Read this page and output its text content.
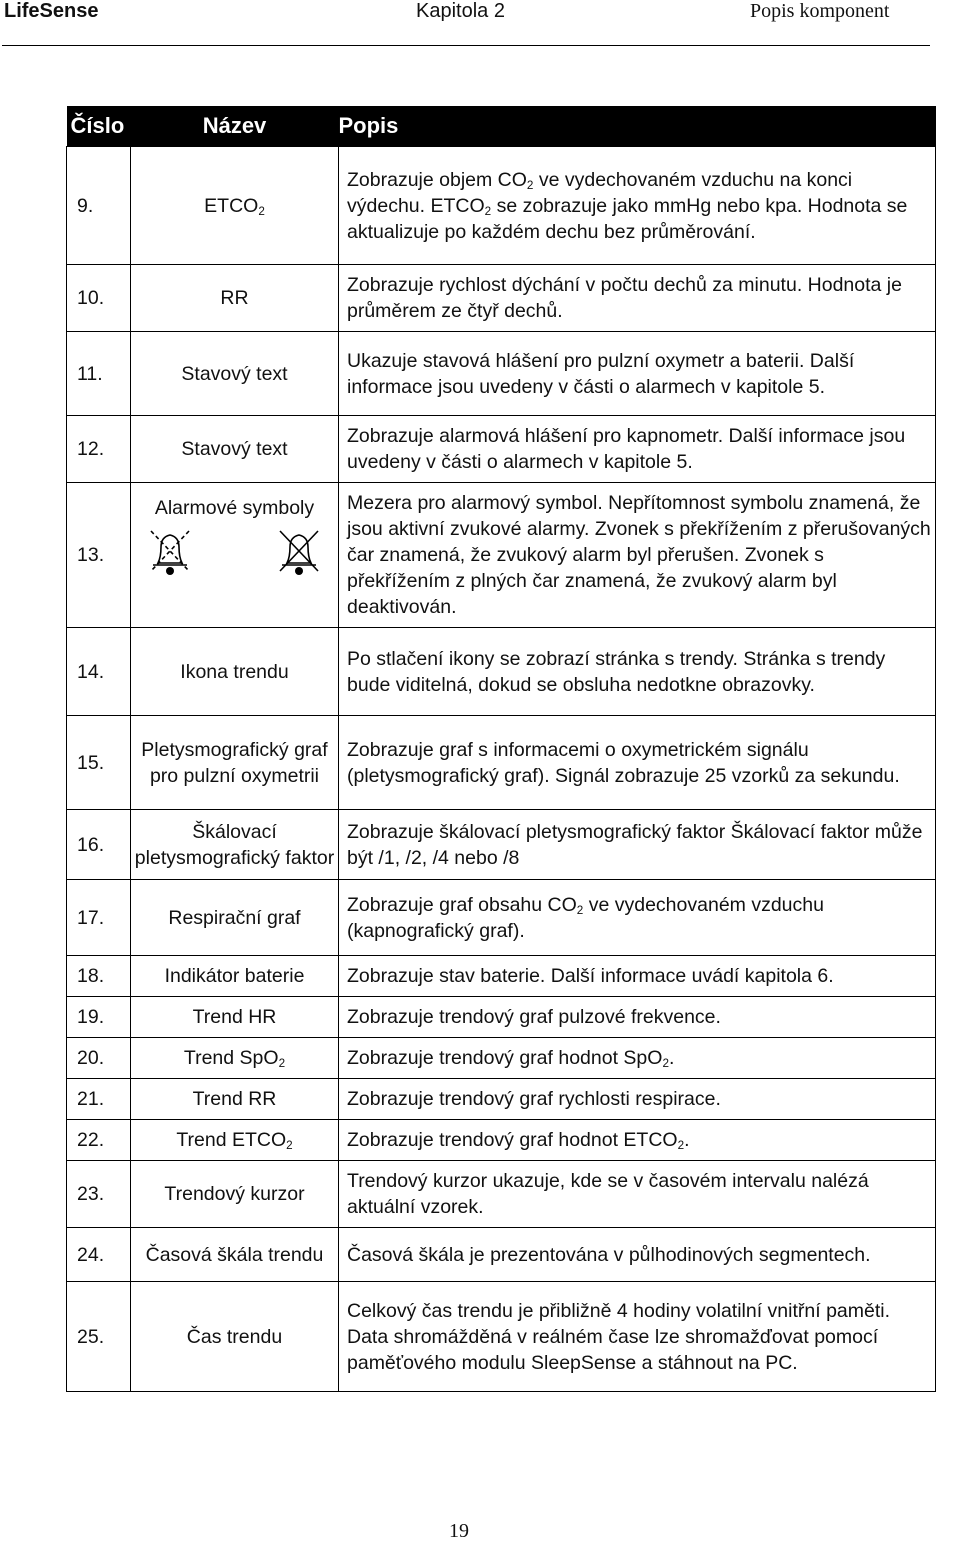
LifeSense	Kapitola 2	Popis komponent
Číslo	Název	Popis
9.	$ETCO_2$	Zobrazuje objem $CO_2$ ve vydechovaném vzduchu na konci výdechu. $ETCO_2$ se zobrazuje jako mmHg nebo kpa. Hodnota se aktualizuje po každém dechu bez průměrování.
10.	RR	Zobrazuje rychlost dýchání v počtu dechů za minutu. Hodnota je průměrem ze čtyř dechů.
11.	Stavový text	Ukazuje stavová hlášení pro pulzní oxymetr a baterii. Další informace jsou uvedeny v části o alarmech v kapitole 5.
12.	Stavový text	Zobrazuje alarmová hlášení pro kapnometr. Další informace jsou uvedeny v části o alarmech v kapitole 5.
13.	Alarmové symboly	Mezera pro alarmový symbol. Nepřítomnost symbolu znamená, že jsou aktivní zvukové alarmy. Zvonek s překřížením z přerušovaných čar znamená, že zvukový alarm byl přerušen. Zvonek s překřížením z plných čar znamená, že zvukový alarm byl deaktivován.
14.	Ikona trendu	Po stlačení ikony se zobrazí stránka s trendy. Stránka s trendy bude viditelná, dokud se obsluha nedotkne obrazovky.
15.	Pletysmografický graf pro pulzní oxymetrii	Zobrazuje graf s informacemi o oxymetrickém signálu (pletysmografický graf). Signál zobrazuje 25 vzorků za sekundu.
16.	Škálovací pletysmografický faktor	Zobrazuje škálovací pletysmografický faktor Škálovací faktor může být /1, /2, /4 nebo /8
17.	Respirační graf	Zobrazuje graf obsahu $CO_2$ ve vydechovaném vzduchu (kapnografický graf).
18.	Indikátor baterie	Zobrazuje stav baterie. Další informace uvádí kapitola 6.
19.	Trend HR	Zobrazuje trendový graf pulzové frekvence.
20.	Trend SpO$_2$	Zobrazuje trendový graf hodnot SpO$_2$.
21.	Trend RR	Zobrazuje trendový graf rychlosti respirace.
22.	Trend $ETCO_2$	Zobrazuje trendový graf hodnot $ETCO_2$.
23.	Trendový kurzor	Trendový kurzor ukazuje, kde se v časovém intervalu nalézá aktuální vzorek.
24.	Časová škála trendu	Časová škála je prezentována v půlhodinových segmentech.
25.	Čas trendu	Celkový čas trendu je přibližně 4 hodiny volatilní vnitřní paměti. Data shromážděná v reálném čase lze shromažďovat pomocí paměťového modulu SleepSense a stáhnout na PC.
19
